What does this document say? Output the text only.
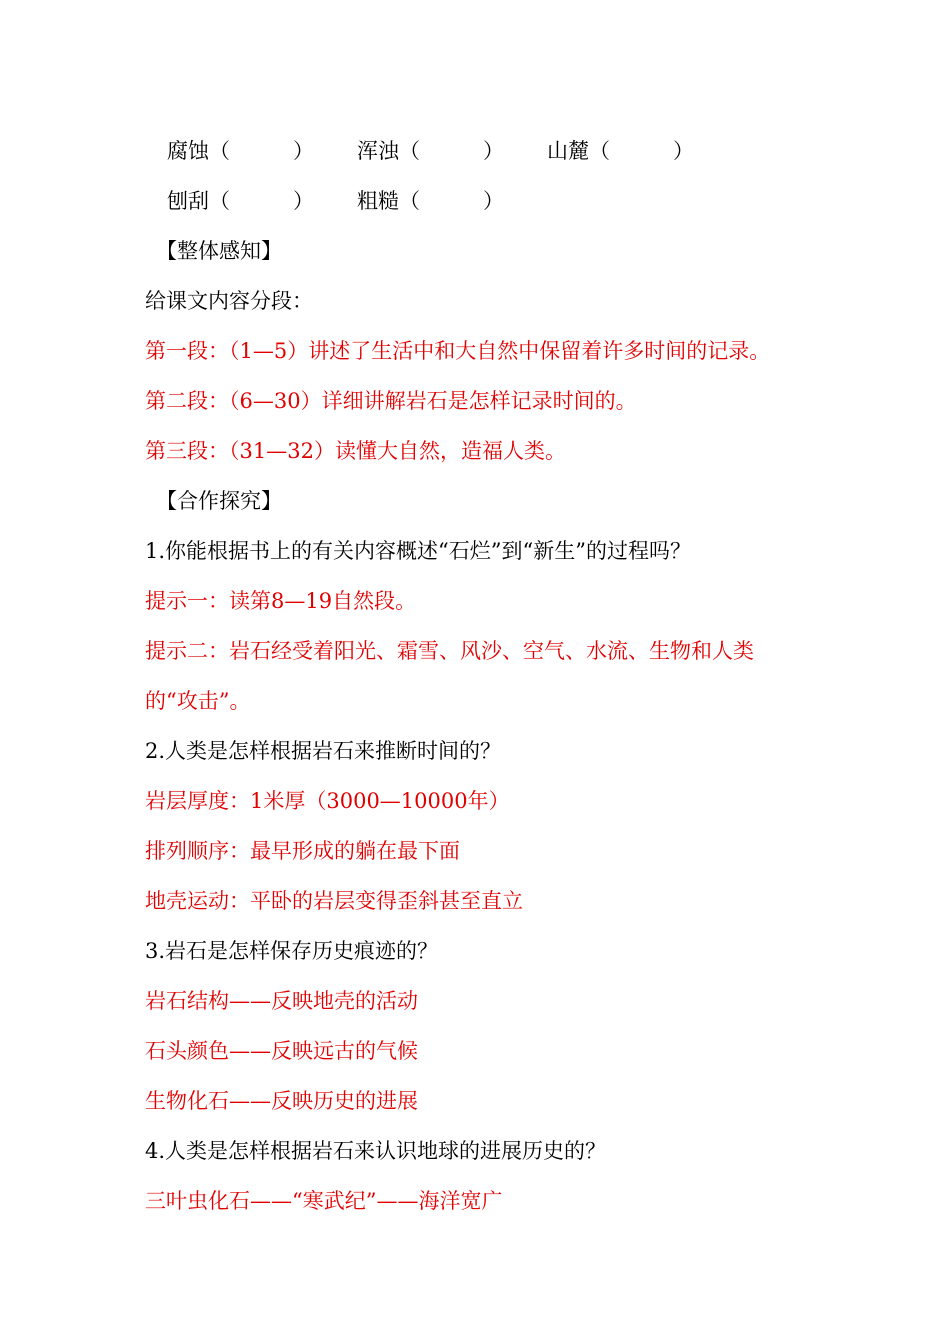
腐蚀（　　　） 浑浊（　　　） 山麓（　　　）
刨刮（　　　） 粗糙（　　　）
【整体感知】
给课文内容分段：
第一段：（1—5）讲述了生活中和大自然中保留着许多时间的记录。
第二段：（6—30）详细讲解岩石是怎样记录时间的。
第三段：（31—32）读懂大自然，造福人类。
【合作探究】
1.你能根据书上的有关内容概述“石烂”到“新生”的过程吗？
提示一：读第8—19自然段。
提示二：岩石经受着阳光、霜雪、风沙、空气、水流、生物和人类
的“攻击”。
2.人类是怎样根据岩石来推断时间的？
岩层厚度：1米厚（3000—10000年）
排列顺序：最早形成的躺在最下面
地壳运动：平卧的岩层变得歪斜甚至直立
3.岩石是怎样保存历史痕迹的？
岩石结构——反映地壳的活动
石头颜色——反映远古的气候
生物化石——反映历史的进展
4.人类是怎样根据岩石来认识地球的进展历史的？
三叶虫化石——“寒武纪”——海洋宽广
